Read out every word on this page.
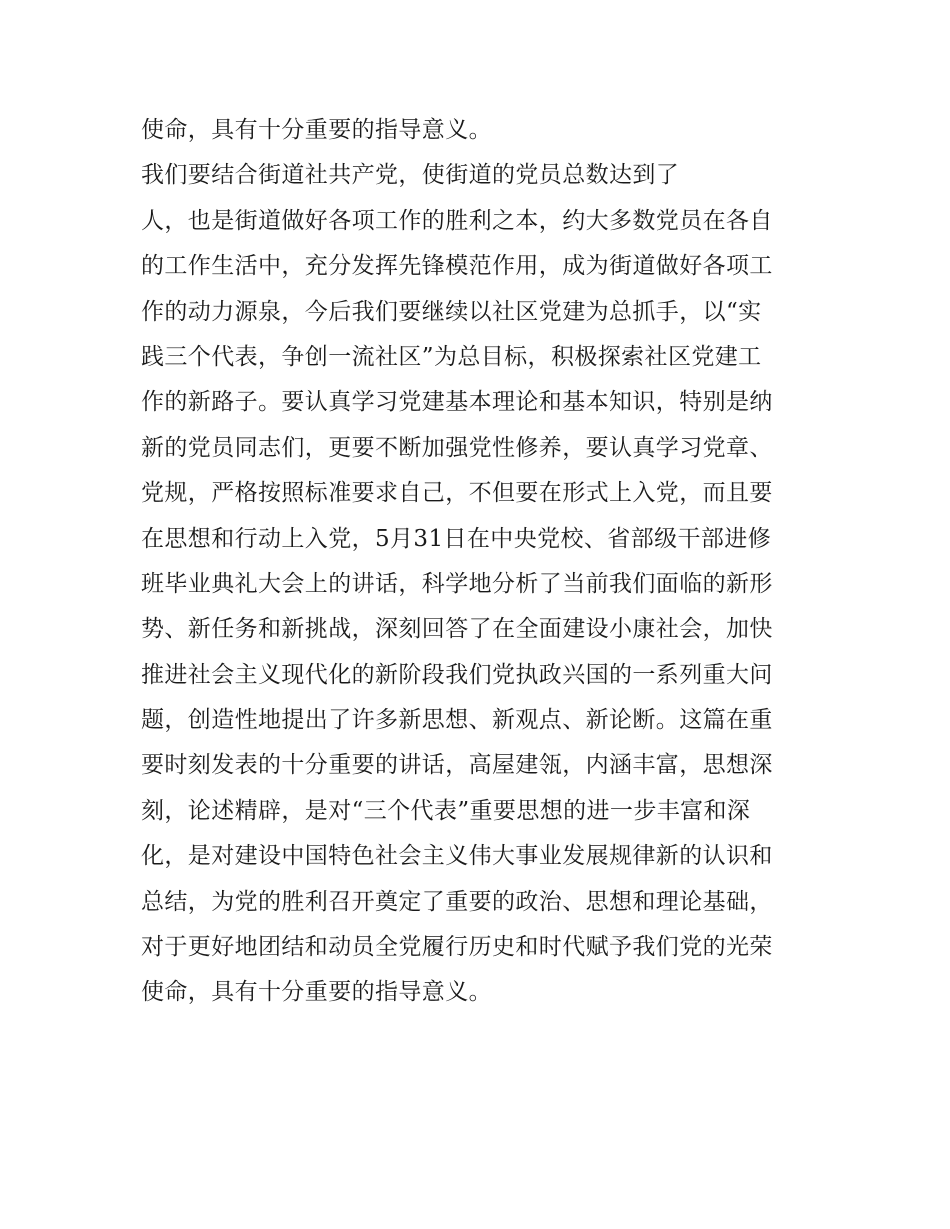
使命，具有十分重要的指导意义。
我们要结合街道社共产党，使街道的党员总数达到了
人，也是街道做好各项工作的胜利之本，约大多数党员在各自
的工作生活中，充分发挥先锋模范作用，成为街道做好各项工
作的动力源泉，今后我们要继续以社区党建为总抓手，以“实
践三个代表，争创一流社区”为总目标，积极探索社区党建工
作的新路子。要认真学习党建基本理论和基本知识，特别是纳
新的党员同志们，更要不断加强党性修养，要认真学习党章、
党规，严格按照标准要求自己，不但要在形式上入党，而且要
在思想和行动上入党，5月31日在中央党校、省部级干部进修
班毕业典礼大会上的讲话，科学地分析了当前我们面临的新形
势、新任务和新挑战，深刻回答了在全面建设小康社会，加快
推进社会主义现代化的新阶段我们党执政兴国的一系列重大问
题，创造性地提出了许多新思想、新观点、新论断。这篇在重
要时刻发表的十分重要的讲话，高屋建瓴，内涵丰富，思想深
刻，论述精辟，是对“三个代表”重要思想的进一步丰富和深
化，是对建设中国特色社会主义伟大事业发展规律新的认识和
总结，为党的胜利召开奠定了重要的政治、思想和理论基础，
对于更好地团结和动员全党履行历史和时代赋予我们党的光荣
使命，具有十分重要的指导意义。
